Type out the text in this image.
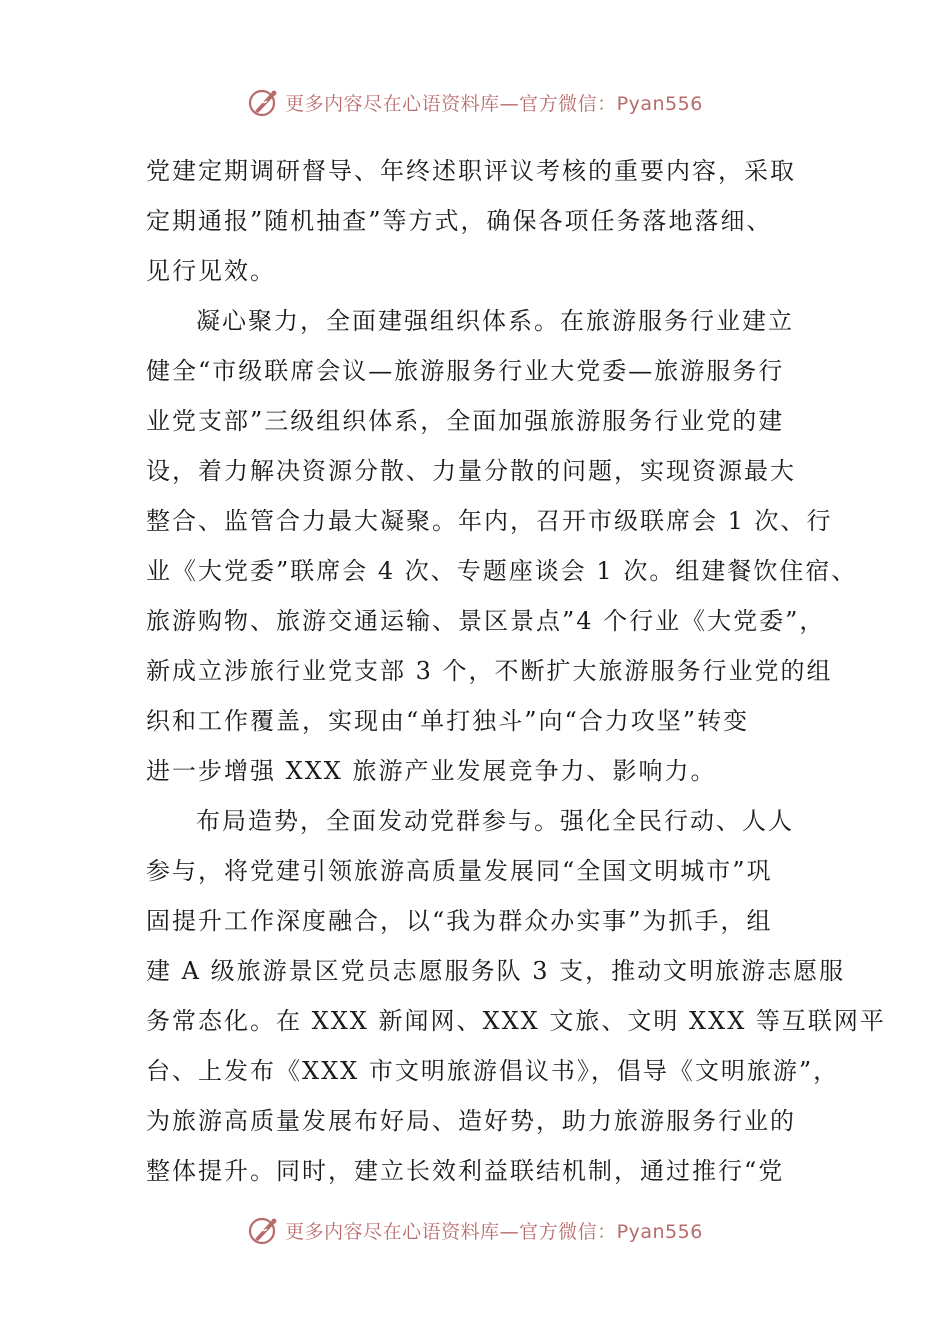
更多内容尽在心语资料库—官方微信：Pyan556
党建定期调研督导、年终述职评议考核的重要内容，采取
定期通报”随机抽查”等方式，确保各项任务落地落细、
见行见效。
凝心聚力，全面建强组织体系。在旅游服务行业建立
健全“市级联席会议—旅游服务行业大党委—旅游服务行
业党支部”三级组织体系，全面加强旅游服务行业党的建
设，着力解决资源分散、力量分散的问题，实现资源最大
整合、监管合力最大凝聚。年内，召开市级联席会 1 次、行
业《大党委”联席会 4 次、专题座谈会 1 次。组建餐饮住宿、
旅游购物、旅游交通运输、景区景点”4 个行业《大党委”，
新成立涉旅行业党支部 3 个，不断扩大旅游服务行业党的组
织和工作覆盖，实现由“单打独斗”向“合力攻坚”转变
进一步增强 XXX 旅游产业发展竞争力、影响力。
布局造势，全面发动党群参与。强化全民行动、人人
参与，将党建引领旅游高质量发展同“全国文明城市”巩
固提升工作深度融合，以“我为群众办实事”为抓手，组
建 A 级旅游景区党员志愿服务队 3 支，推动文明旅游志愿服
务常态化。在 XXX 新闻网、XXX 文旅、文明 XXX 等互联网平
台、上发布《XXX 市文明旅游倡议书》，倡导《文明旅游”，
为旅游高质量发展布好局、造好势，助力旅游服务行业的
整体提升。同时，建立长效利益联结机制，通过推行“党
更多内容尽在心语资料库—官方微信：Pyan556
